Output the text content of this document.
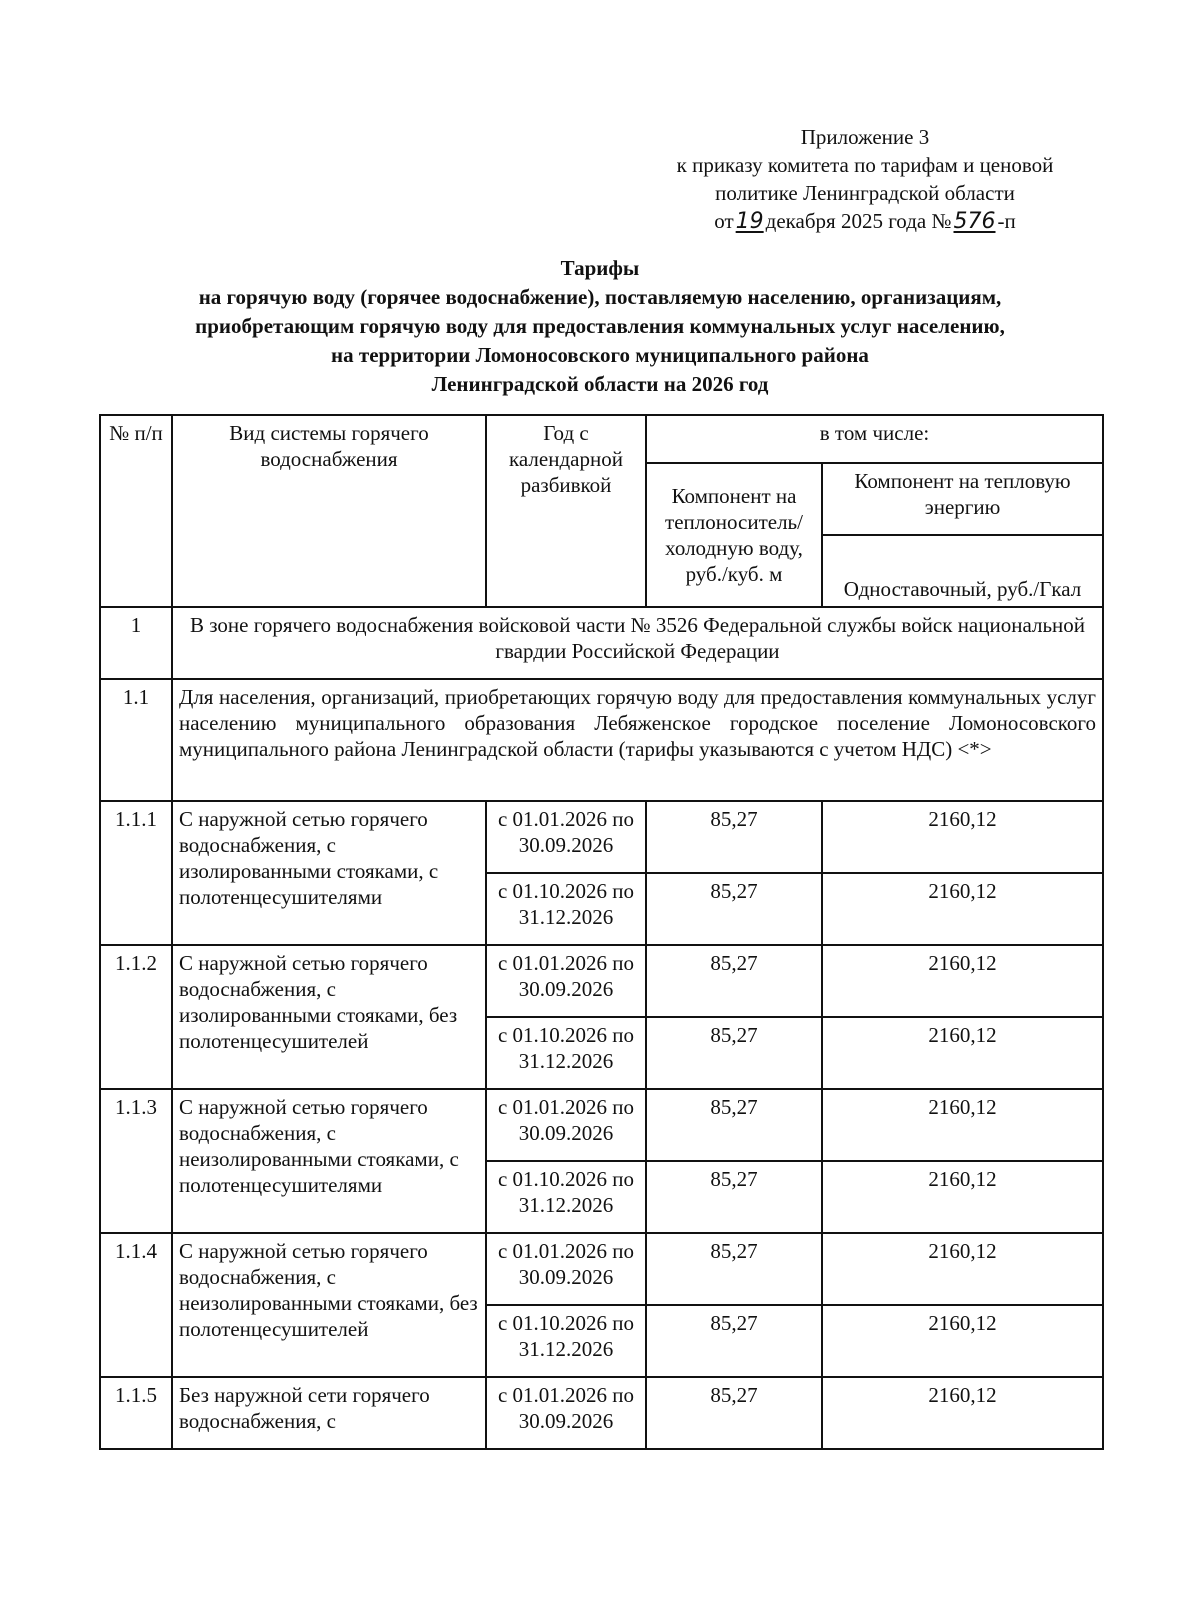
Приложение 3
к приказу комитета по тарифам и ценовой
политике Ленинградской области
от19декабря 2025 года №576-п
Тарифы
на горячую воду (горячее водоснабжение), поставляемую населению, организациям,
приобретающим горячую воду для предоставления коммунальных услуг населению,
на территории Ломоносовского муниципального района
Ленинградской области на 2026 год
№ п/п	Вид системы горячего водоснабжения	Год с календарной разбивкой	в том числе:	
			Компонент на теплоноситель/ холодную воду, руб./куб. м	Компонент на тепловую энергию
				Одноставочный, руб./Гкал
1	В зоне горячего водоснабжения войсковой части № 3526 Федеральной службы войск национальной гвардии Российской Федерации			
1.1	Для населения, организаций, приобретающих горячую воду для предоставления коммунальных услуг населению муниципального образования Лебяженское городское поселение Ломоносовского муниципального района Ленинградской области (тарифы указываются с учетом НДС) <*>			
1.1.1	С наружной сетью горячего водоснабжения, с изолированными стояками, с полотенцесушителями	с 01.01.2026 по 30.09.2026	85,27	2160,12
		с 01.10.2026 по 31.12.2026	85,27	2160,12
1.1.2	С наружной сетью горячего водоснабжения, с изолированными стояками, без полотенцесушителей	с 01.01.2026 по 30.09.2026	85,27	2160,12
		с 01.10.2026 по 31.12.2026	85,27	2160,12
1.1.3	С наружной сетью горячего водоснабжения, с неизолированными стояками, с полотенцесушителями	с 01.01.2026 по 30.09.2026	85,27	2160,12
		с 01.10.2026 по 31.12.2026	85,27	2160,12
1.1.4	С наружной сетью горячего водоснабжения, с неизолированными стояками, без полотенцесушителей	с 01.01.2026 по 30.09.2026	85,27	2160,12
		с 01.10.2026 по 31.12.2026	85,27	2160,12
1.1.5	Без наружной сети горячего водоснабжения, с	с 01.01.2026 по 30.09.2026	85,27	2160,12
